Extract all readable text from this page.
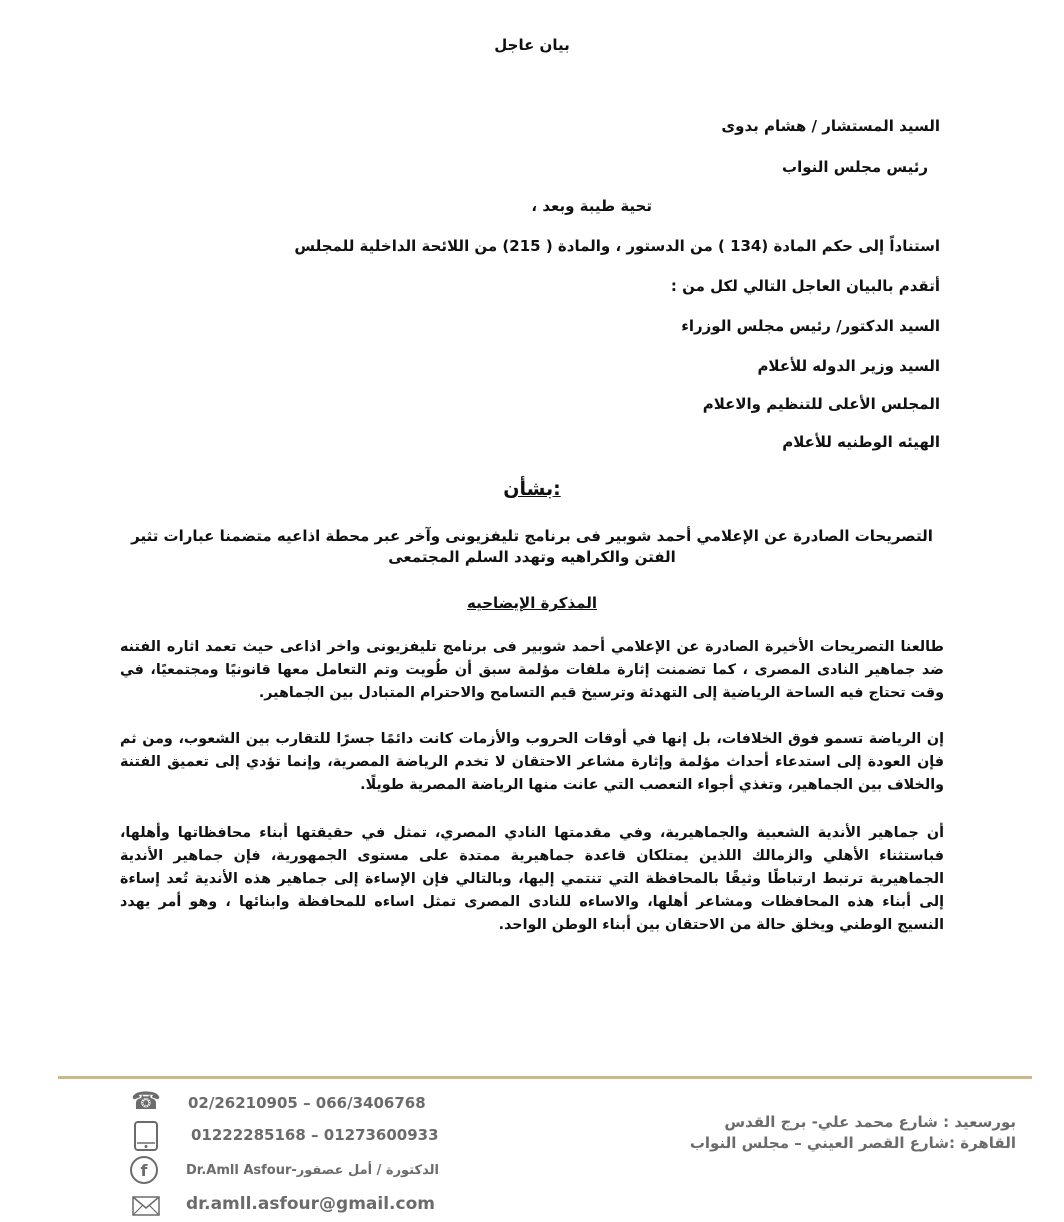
بيان عاجل
السيد المستشار / هشام بدوى
رئيس مجلس النواب
تحية طيبة وبعد ،
استناداً إلى حكم المادة (134 ) من الدستور ، والمادة ( 215) من اللائحة الداخلية للمجلس
أتقدم بالبيان العاجل التالي لكل من :
السيد الدكتور/ رئيس مجلس الوزراء
السيد وزير الدوله للأعلام
المجلس الأعلى للتنظيم والاعلام
الهيئه الوطنيه للأعلام
بشأن:
التصريحات الصادرة عن الإعلامي أحمد شوبير فى برنامج تليفزيونى وآخر عبر محطة اذاعيه متضمنا عبارات تثير الفتن والكراهيه وتهدد السلم المجتمعى
المذكرة الإيضاحيه
طالعنا التصريحات الأخيرة الصادرة عن الإعلامي أحمد شوبير فى برنامج تليفزيونى واخر اذاعى حيث تعمد اثاره الفتنه ضد جماهير النادى المصرى ، كما تضمنت إثارة ملفات مؤلمة سبق أن طُويت وتم التعامل معها قانونيًا ومجتمعيًا، في وقت تحتاج فيه الساحة الرياضية إلى التهدئة وترسيخ قيم التسامح والاحترام المتبادل بين الجماهير.
إن الرياضة تسمو فوق الخلافات، بل إنها في أوقات الحروب والأزمات كانت دائمًا جسرًا للتقارب بين الشعوب، ومن ثم فإن العودة إلى استدعاء أحداث مؤلمة وإثارة مشاعر الاحتقان لا تخدم الرياضة المصرية، وإنما تؤدي إلى تعميق الفتنة والخلاف بين الجماهير، وتغذي أجواء التعصب التي عانت منها الرياضة المصرية طويلًا.
أن جماهير الأندية الشعبية والجماهيرية، وفي مقدمتها النادي المصري، تمثل في حقيقتها أبناء محافظاتها وأهلها، فباستثناء الأهلي والزمالك اللذين يمتلكان قاعدة جماهيرية ممتدة على مستوى الجمهورية، فإن جماهير الأندية الجماهيرية ترتبط ارتباطًا وثيقًا بالمحافظة التي تنتمي إليها، وبالتالي فإن الإساءة إلى جماهير هذه الأندية تُعد إساءة إلى أبناء هذه المحافظات ومشاعر أهلها، والاساءه للنادى المصرى تمثل اساءه للمحافظة وابنائها ، وهو أمر يهدد النسيج الوطني ويخلق حالة من الاحتقان بين أبناء الوطن الواحد.
☎ 02/26210905 – 066/3406768
01222285168 – 01273600933
f	Dr.Amll Asfour-الدكتورة / أمل عصفور
dr.amll.asfour@gmail.com
بورسعيد : شارع محمد علي- برج القدس
القاهرة :شارع القصر العيني – مجلس النواب
